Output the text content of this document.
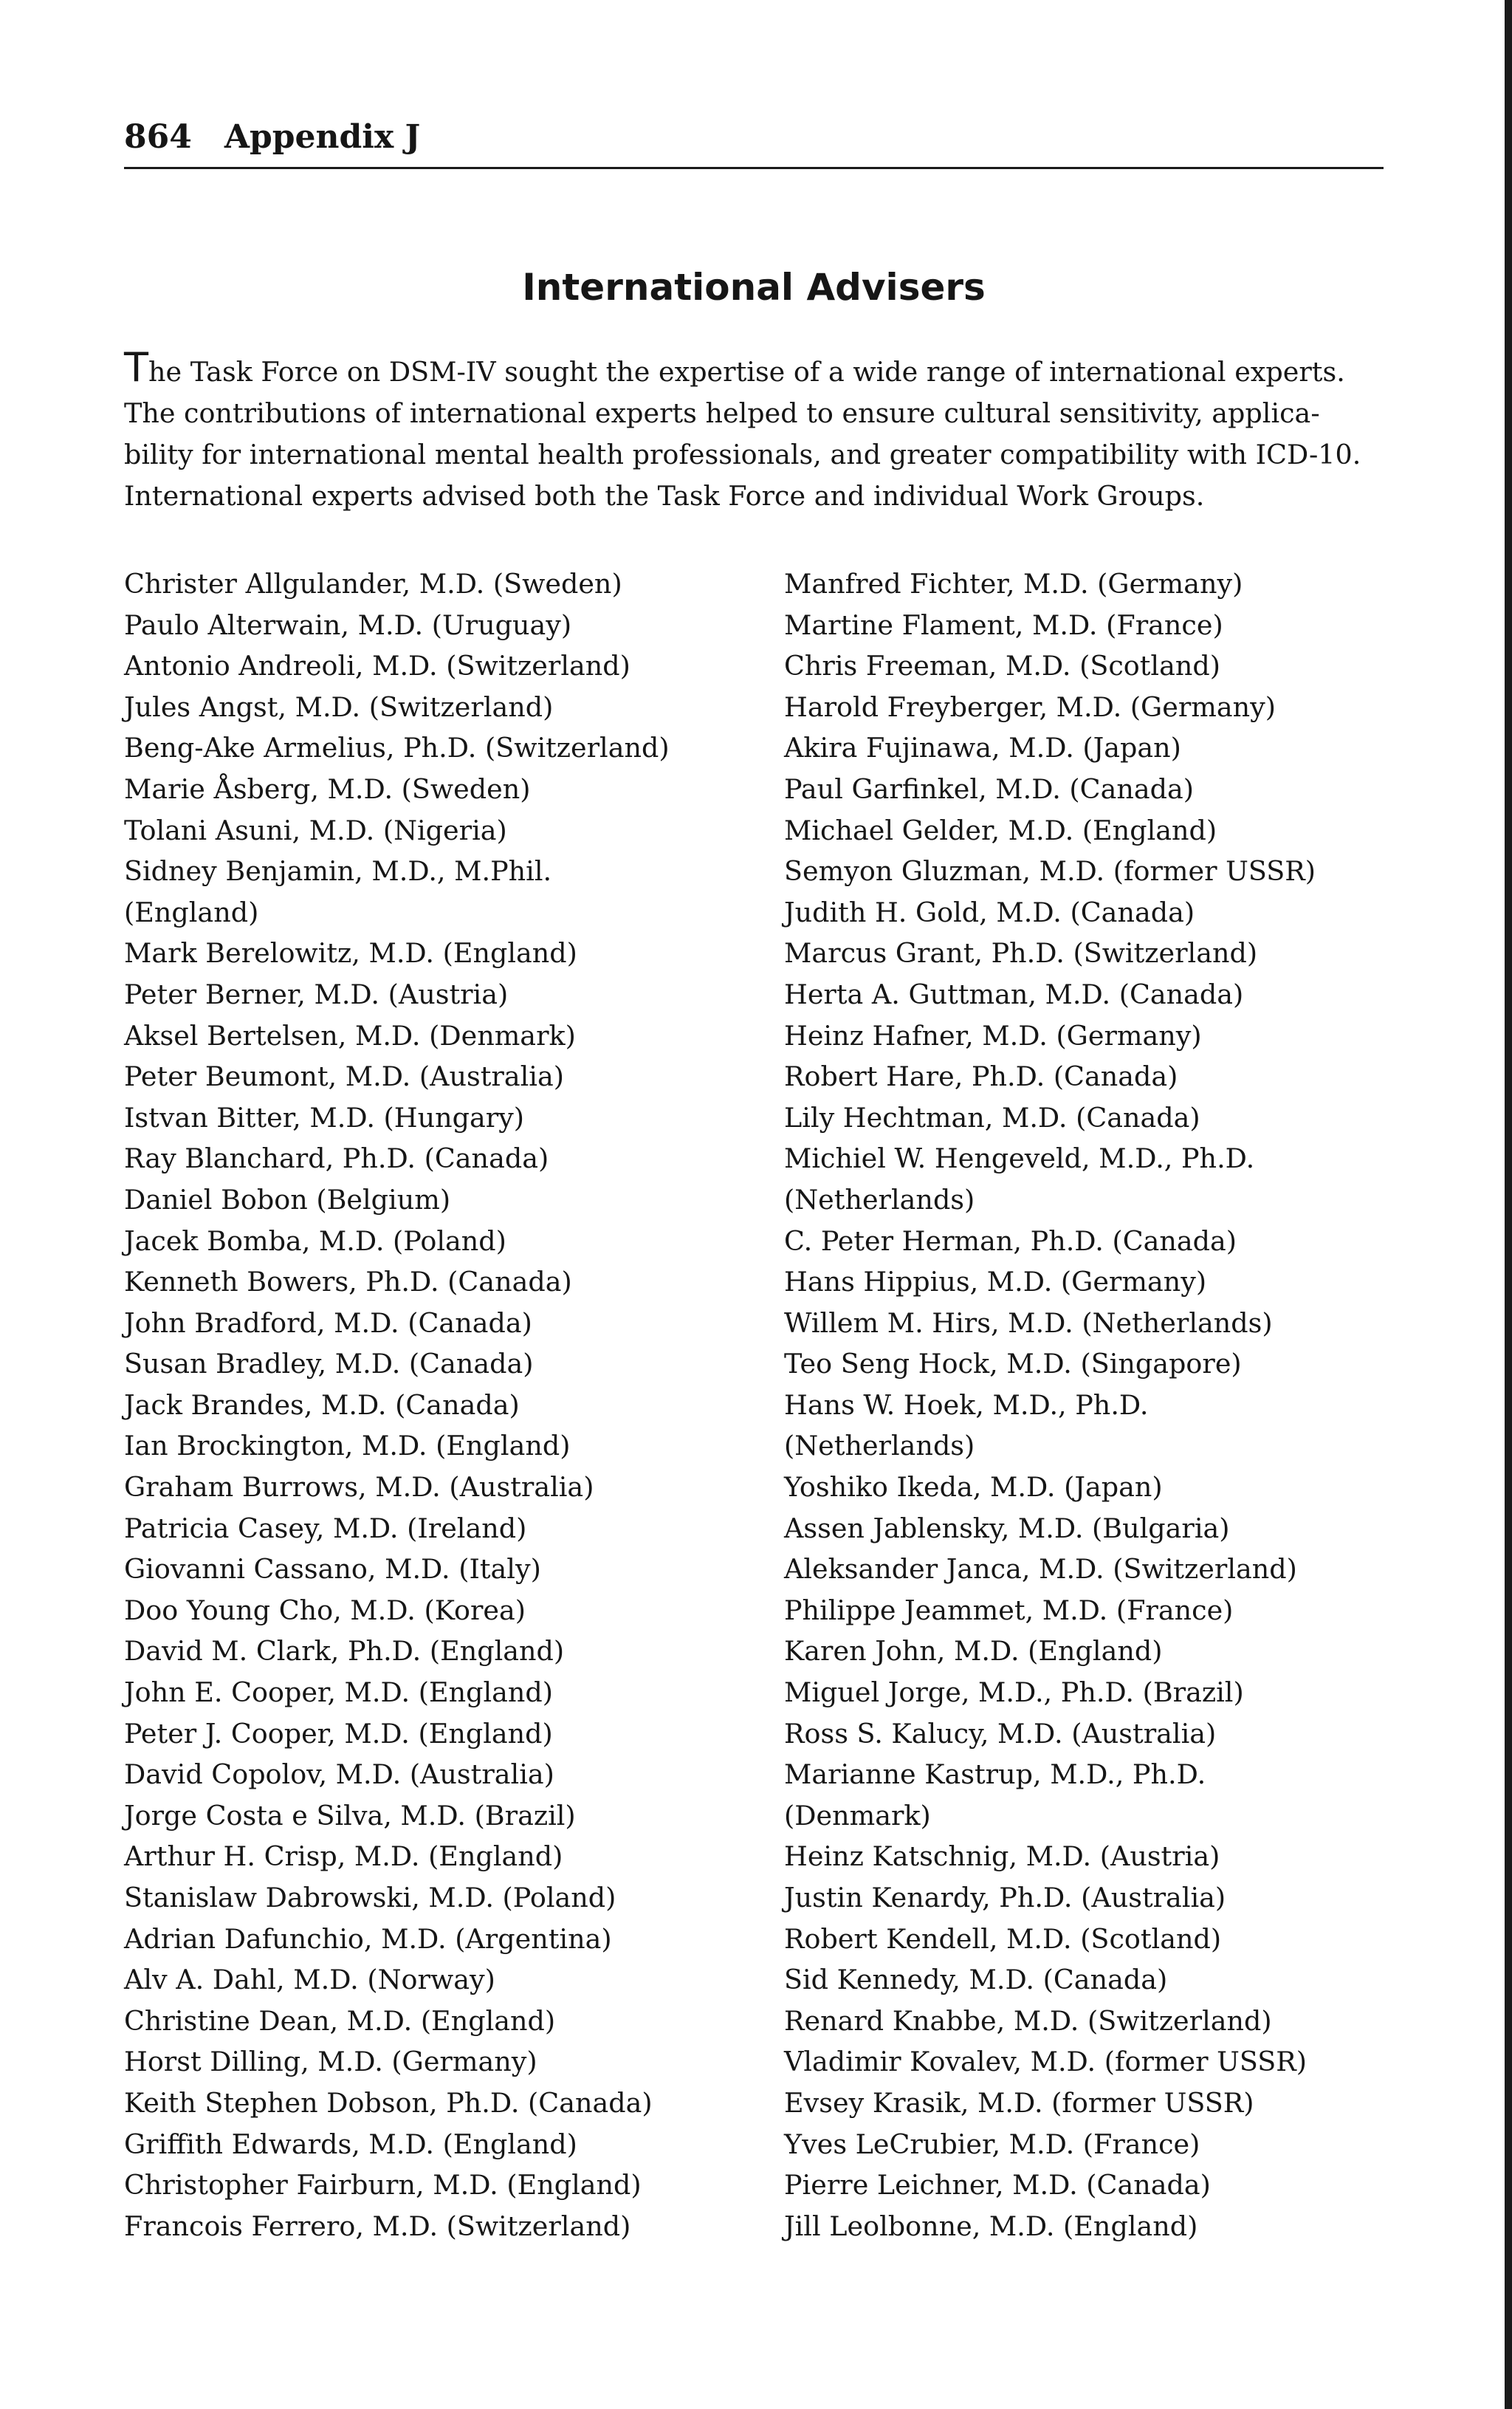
864 Appendix J
International Advisers
The Task Force on DSM-IV sought the expertise of a wide range of international experts.
The contributions of international experts helped to ensure cultural sensitivity, applica-
bility for international mental health professionals, and greater compatibility with ICD-10.
International experts advised both the Task Force and individual Work Groups.
Christer Allgulander, M.D. (Sweden)
Paulo Alterwain, M.D. (Uruguay)
Antonio Andreoli, M.D. (Switzerland)
Jules Angst, M.D. (Switzerland)
Beng-Ake Armelius, Ph.D. (Switzerland)
Marie Åsberg, M.D. (Sweden)
Tolani Asuni, M.D. (Nigeria)
Sidney Benjamin, M.D., M.Phil.
(England)
Mark Berelowitz, M.D. (England)
Peter Berner, M.D. (Austria)
Aksel Bertelsen, M.D. (Denmark)
Peter Beumont, M.D. (Australia)
Istvan Bitter, M.D. (Hungary)
Ray Blanchard, Ph.D. (Canada)
Daniel Bobon (Belgium)
Jacek Bomba, M.D. (Poland)
Kenneth Bowers, Ph.D. (Canada)
John Bradford, M.D. (Canada)
Susan Bradley, M.D. (Canada)
Jack Brandes, M.D. (Canada)
Ian Brockington, M.D. (England)
Graham Burrows, M.D. (Australia)
Patricia Casey, M.D. (Ireland)
Giovanni Cassano, M.D. (Italy)
Doo Young Cho, M.D. (Korea)
David M. Clark, Ph.D. (England)
John E. Cooper, M.D. (England)
Peter J. Cooper, M.D. (England)
David Copolov, M.D. (Australia)
Jorge Costa e Silva, M.D. (Brazil)
Arthur H. Crisp, M.D. (England)
Stanislaw Dabrowski, M.D. (Poland)
Adrian Dafunchio, M.D. (Argentina)
Alv A. Dahl, M.D. (Norway)
Christine Dean, M.D. (England)
Horst Dilling, M.D. (Germany)
Keith Stephen Dobson, Ph.D. (Canada)
Griffith Edwards, M.D. (England)
Christopher Fairburn, M.D. (England)
Francois Ferrero, M.D. (Switzerland)
Manfred Fichter, M.D. (Germany)
Martine Flament, M.D. (France)
Chris Freeman, M.D. (Scotland)
Harold Freyberger, M.D. (Germany)
Akira Fujinawa, M.D. (Japan)
Paul Garfinkel, M.D. (Canada)
Michael Gelder, M.D. (England)
Semyon Gluzman, M.D. (former USSR)
Judith H. Gold, M.D. (Canada)
Marcus Grant, Ph.D. (Switzerland)
Herta A. Guttman, M.D. (Canada)
Heinz Hafner, M.D. (Germany)
Robert Hare, Ph.D. (Canada)
Lily Hechtman, M.D. (Canada)
Michiel W. Hengeveld, M.D., Ph.D.
(Netherlands)
C. Peter Herman, Ph.D. (Canada)
Hans Hippius, M.D. (Germany)
Willem M. Hirs, M.D. (Netherlands)
Teo Seng Hock, M.D. (Singapore)
Hans W. Hoek, M.D., Ph.D.
(Netherlands)
Yoshiko Ikeda, M.D. (Japan)
Assen Jablensky, M.D. (Bulgaria)
Aleksander Janca, M.D. (Switzerland)
Philippe Jeammet, M.D. (France)
Karen John, M.D. (England)
Miguel Jorge, M.D., Ph.D. (Brazil)
Ross S. Kalucy, M.D. (Australia)
Marianne Kastrup, M.D., Ph.D.
(Denmark)
Heinz Katschnig, M.D. (Austria)
Justin Kenardy, Ph.D. (Australia)
Robert Kendell, M.D. (Scotland)
Sid Kennedy, M.D. (Canada)
Renard Knabbe, M.D. (Switzerland)
Vladimir Kovalev, M.D. (former USSR)
Evsey Krasik, M.D. (former USSR)
Yves LeCrubier, M.D. (France)
Pierre Leichner, M.D. (Canada)
Jill Leolbonne, M.D. (England)
